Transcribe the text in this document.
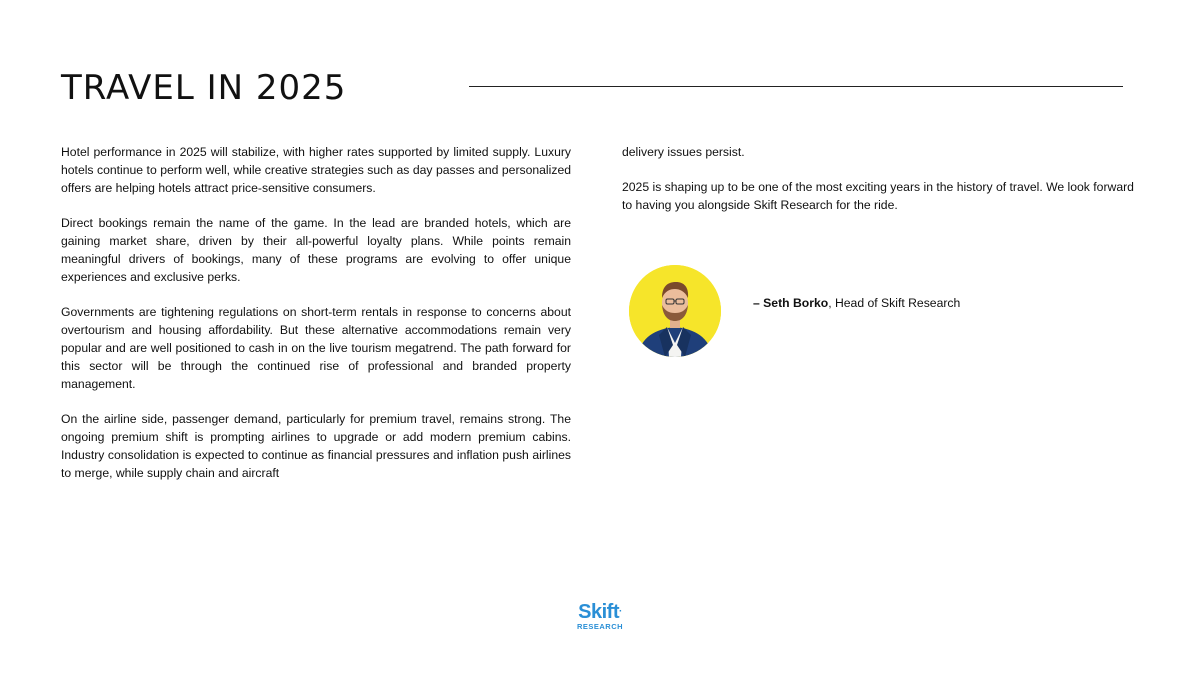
TRAVEL IN 2025

Hotel performance in 2025 will stabilize, with higher rates supported by limited supply. Luxury hotels continue to perform well, while creative strategies such as day passes and personalized offers are helping hotels attract price-sensitive consumers.

Direct bookings remain the name of the game. In the lead are branded hotels, which are gaining market share, driven by their all-powerful loyalty plans. While points remain meaningful drivers of bookings, many of these programs are evolving to offer unique experiences and exclusive perks.

Governments are tightening regulations on short-term rentals in response to concerns about overtourism and housing affordability. But these alternative accommodations remain very popular and are well positioned to cash in on the live tourism megatrend. The path forward for this sector will be through the continued rise of professional and branded property management.

On the airline side, passenger demand, particularly for premium travel, remains strong. The ongoing premium shift is prompting airlines to upgrade or add modern premium cabins. Industry consolidation is expected to continue as financial pressures and inflation push airlines to merge, while supply chain and aircraft

delivery issues persist.

2025 is shaping up to be one of the most exciting years in the history of travel. We look forward to having you alongside Skift Research for the ride.

– Seth Borko, Head of Skift Research
Skift·
RESEARCH
